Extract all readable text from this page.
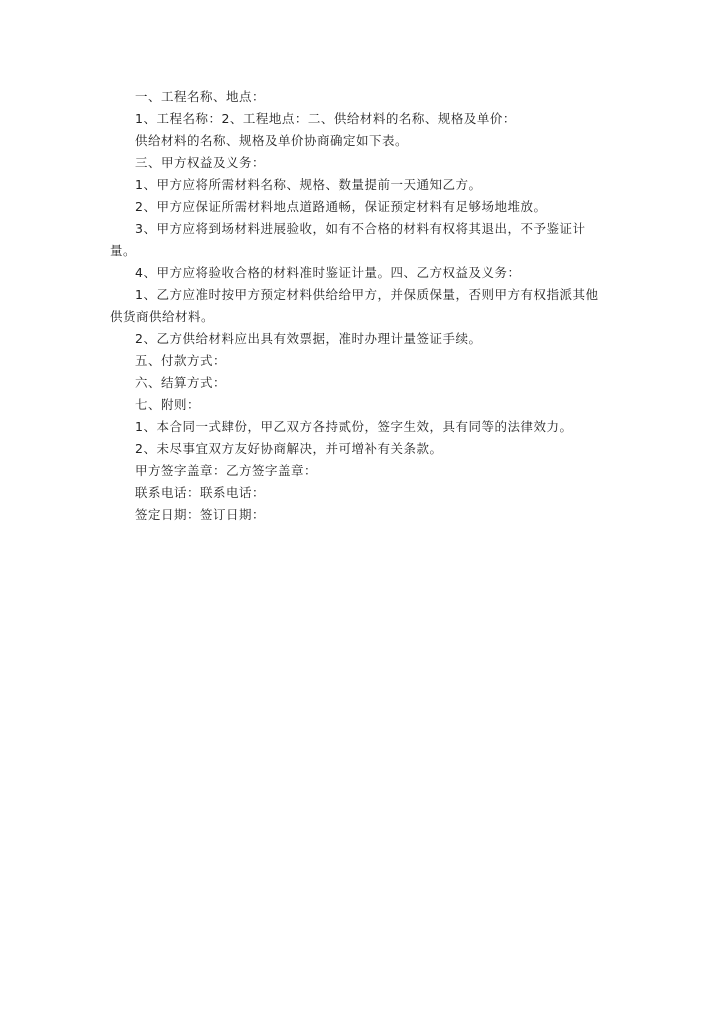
一、工程名称、地点：

1、工程名称：2、工程地点：二、供给材料的名称、规格及单价：

供给材料的名称、规格及单价协商确定如下表。

三、甲方权益及义务：

1、甲方应将所需材料名称、规格、数量提前一天通知乙方。

2、甲方应保证所需材料地点道路通畅，保证预定材料有足够场地堆放。

3、甲方应将到场材料进展验收，如有不合格的材料有权将其退出，不予鉴证计量。

4、甲方应将验收合格的材料准时鉴证计量。四、乙方权益及义务：

1、乙方应准时按甲方预定材料供给给甲方，并保质保量，否则甲方有权指派其他供货商供给材料。

2、乙方供给材料应出具有效票据，准时办理计量签证手续。

五、付款方式：

六、结算方式：

七、附则：

1、本合同一式肆份，甲乙双方各持贰份，签字生效，具有同等的法律效力。

2、未尽事宜双方友好协商解决，并可增补有关条款。

甲方签字盖章：乙方签字盖章：

联系电话：联系电话：

签定日期：签订日期：
